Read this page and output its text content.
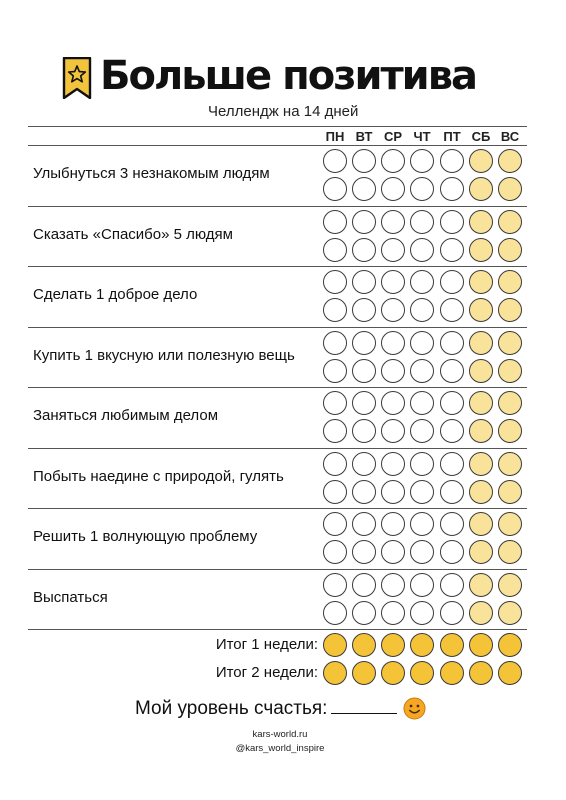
Больше позитива
Челлендж на 14 дней
ПН ВТ СР ЧТ ПТ СБ ВС
Улыбнуться 3 незнакомым людям
Сказать «Спасибо» 5 людям
Сделать 1 доброе дело
Купить 1 вкусную или полезную вещь
Заняться любимым делом
Побыть наедине с природой, гулять
Решить 1 волнующую проблему
Выспаться
Итог 1 недели:
Итог 2 недели:
Мой уровень счастья:
kars-world.ru
@kars_world_inspire
